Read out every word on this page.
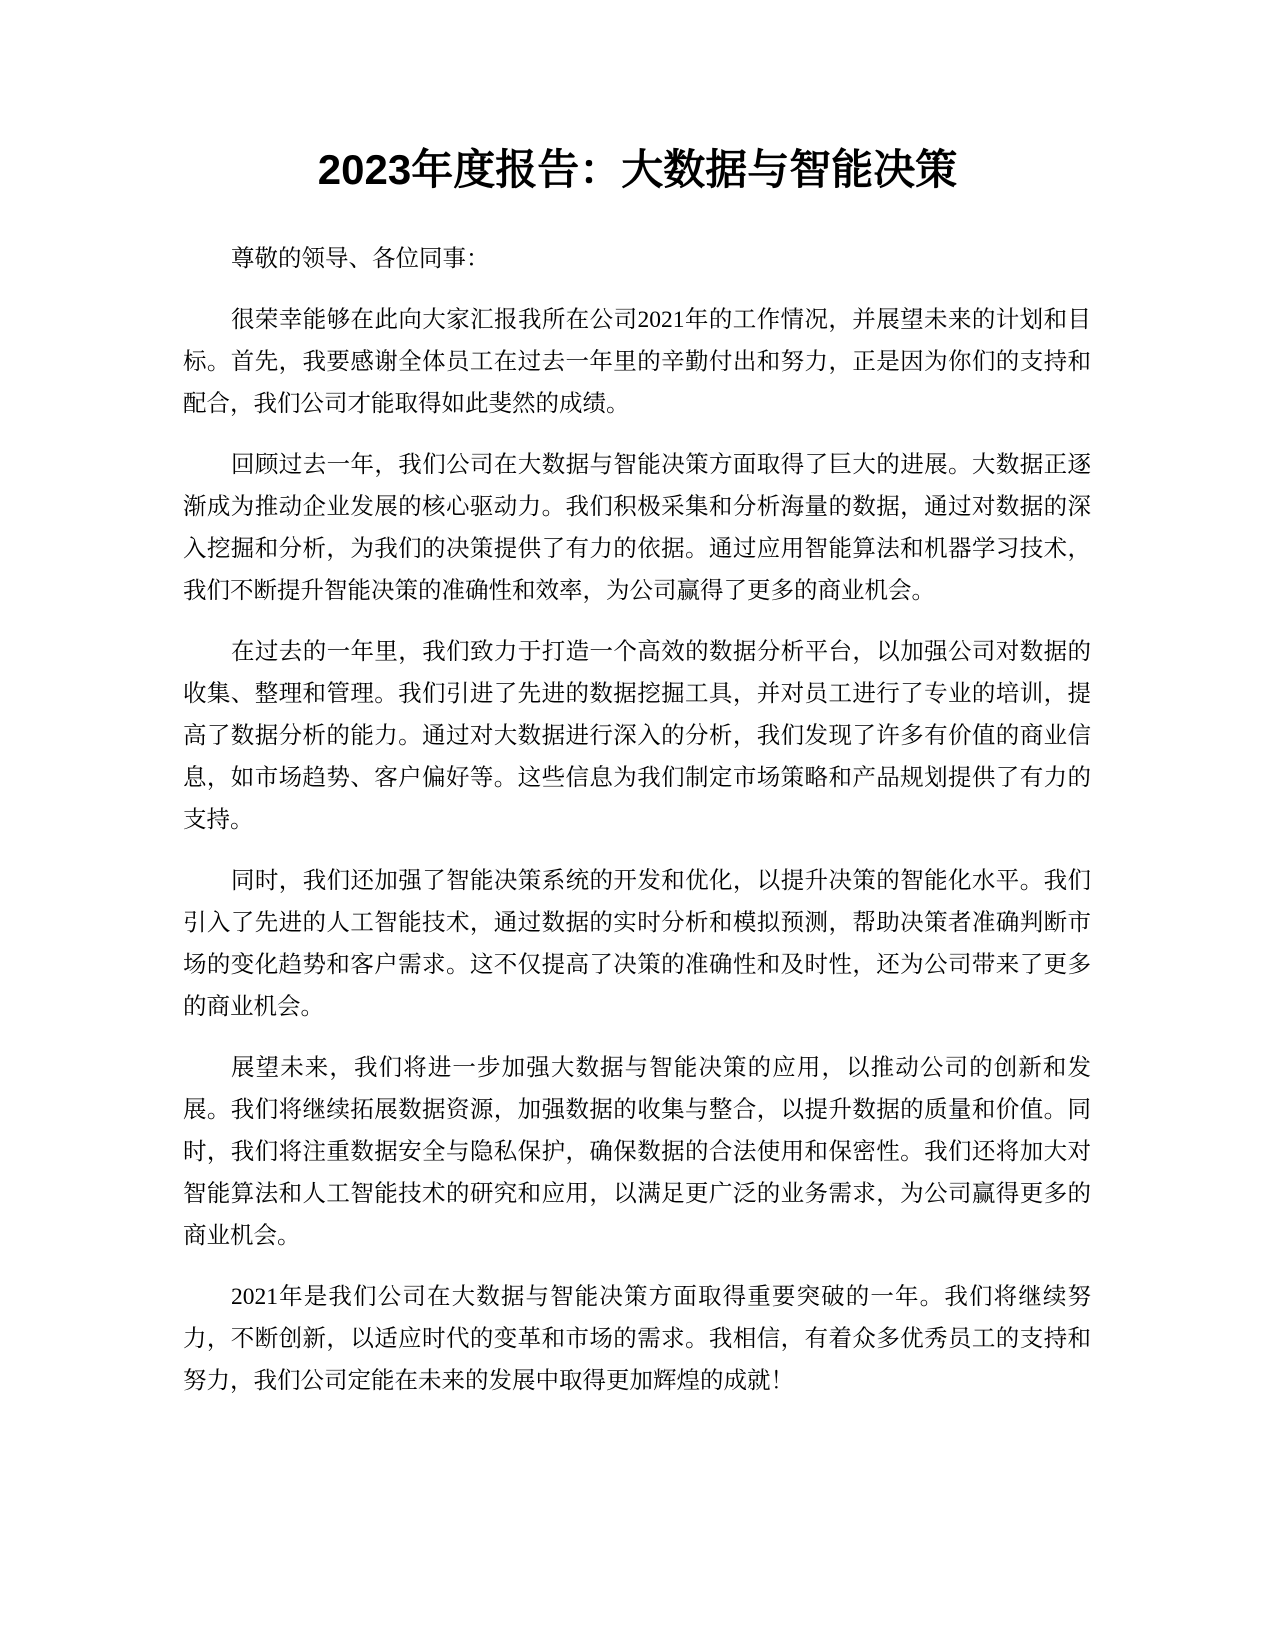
2023年度报告：大数据与智能决策

尊敬的领导、各位同事：

很荣幸能够在此向大家汇报我所在公司2021年的工作情况，并展望未来的计划和目标。首先，我要感谢全体员工在过去一年里的辛勤付出和努力，正是因为你们的支持和配合，我们公司才能取得如此斐然的成绩。

回顾过去一年，我们公司在大数据与智能决策方面取得了巨大的进展。大数据正逐渐成为推动企业发展的核心驱动力。我们积极采集和分析海量的数据，通过对数据的深入挖掘和分析，为我们的决策提供了有力的依据。通过应用智能算法和机器学习技术，我们不断提升智能决策的准确性和效率，为公司赢得了更多的商业机会。

在过去的一年里，我们致力于打造一个高效的数据分析平台，以加强公司对数据的收集、整理和管理。我们引进了先进的数据挖掘工具，并对员工进行了专业的培训，提高了数据分析的能力。通过对大数据进行深入的分析，我们发现了许多有价值的商业信息，如市场趋势、客户偏好等。这些信息为我们制定市场策略和产品规划提供了有力的支持。

同时，我们还加强了智能决策系统的开发和优化，以提升决策的智能化水平。我们引入了先进的人工智能技术，通过数据的实时分析和模拟预测，帮助决策者准确判断市场的变化趋势和客户需求。这不仅提高了决策的准确性和及时性，还为公司带来了更多的商业机会。

展望未来，我们将进一步加强大数据与智能决策的应用，以推动公司的创新和发展。我们将继续拓展数据资源，加强数据的收集与整合，以提升数据的质量和价值。同时，我们将注重数据安全与隐私保护，确保数据的合法使用和保密性。我们还将加大对智能算法和人工智能技术的研究和应用，以满足更广泛的业务需求，为公司赢得更多的商业机会。

2021年是我们公司在大数据与智能决策方面取得重要突破的一年。我们将继续努力，不断创新，以适应时代的变革和市场的需求。我相信，有着众多优秀员工的支持和努力，我们公司定能在未来的发展中取得更加辉煌的成就！
